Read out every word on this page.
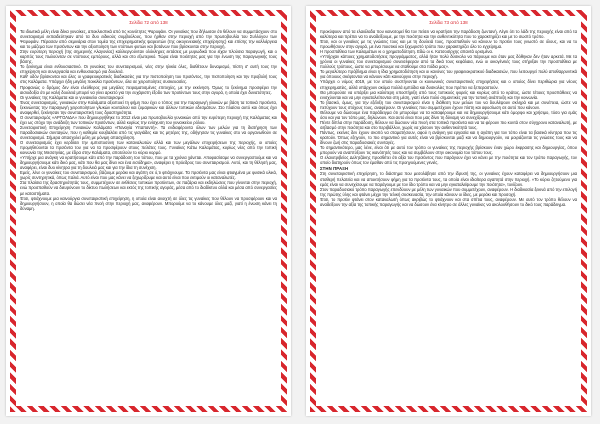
Σελίδα 72 από 138

Τα ιδιωτικά μέλη είναι δέκα γυναίκες, αποκλειστικά από τις κοινότητες Ψαροφάιν. Οι γυναίκες που δήλωσαν ότι θέλουν να συμμετάσχουν στο συνεταιρισμό εκπαιδεύτηκαν από τα δυο ειδικούς συμβούλους, που ήρθαν στην περιοχή από την πρωτοβουλία του Συλλόγου των Ψαροφάιν. Πέρασαν από σεμινάρια στον τομέα της επιχειρηματικής ψαρευτών (της οικογενειακής επιχείρησης) και επίσης την καλλιέργεια και το μάζεμα των προϊόντων και την αξιοποίηση των ντόπιων φυτών και βοτάνων που βρίσκονται στην περιοχή.

Στην ευρύτερη περιοχή (της σημερινής Αλαγονίας) καλλιεργούνταν ολόκληρες εκτάσεις με μυρωδικά που είχαν πλούσια παραγωγή, και ο καρπός τους πωλούνταν σε ντόπιους εμπόρους, αλλά και στο εξωτερικό. Τώρα είναι ποιότητες μας για την ένωση της παραγωγικής τους βάσης.

Το ξεκίνημα είναι ενθουσιαστικό. Οι γυναίκες του συνεταιρισμού, νέες στην ηλικία όλες, διαθέτουν δυναμισμό, πίστη σ' αυτή τους την επιχείρηση και συνεργασία και ενθουσιασμό για δουλειά.

Καθ' οδόν βρίσκονται και όλες οι γραφειοκρατικές διαδικασίες για την πιστοποίηση του προϊόντος, την πιστοποίηση και την προβολή τους στις Καλάματα. Υπάρχει ήδη μεγάλη ποικιλία προϊόντων, όλα σε χειροποίητες συσκευασίες.

Προφανώς ο δρόμος δεν είναι ελεύθερος για μεγάλες πειραματισμένες επιτυχίες, με την εκκίνηση. Όμως το ξεκίνημα προσφέρει την αισιοδοξία ότι με καλή δουλειά μπορεί να γίνει αρκετό για την ευχάριστη έξοδο των προϊόντων τους στην αγορά, η οποία έχει δυνατότητες.

Οι γυναίκες της Καλάματα και οι γυναικείοι συνεταιρισμοί

Ένας συνεταιρισμός, γυναικών στην Καλάματα αξιοποιεί τη φήμη που έχει ο τόπος για την παραγωγή γλυκών με βάση τα τοπικά προϊόντα, ξεκινώντας την παραγωγή χειροποίητων γλυκών κουταλιού και ζυμαρικών και άλλων τοπικών εδεσμάτων. Στο πλαίσιο αυτό και όπως έχει αναφερθεί, ξεκίνησαν την συνεταιριστική τους δραστηριότητα.

Ο συνεταιρισμός «ΑΡΓΟΛΙΔΑ» που δημιουργήθηκε το 2012 είναι μια πρωτοβουλία γυναικών από την ευρύτερη περιοχή της Καλάματας και έχει ως στόχο την ανάδειξη των τοπικών προϊόντων, αλλά κυρίως την ενίσχυση του γυναικείου ρόλου.

Συνεταιριστική Επιχείρηση Γυναικών Καλάματα «Παναγία Υπαπαντή». Τα ενδιαφέροντα όλων των μελών για τη διατήρηση των παραδοσιακών συνταγών, που η καθεμία κουβαλάει από τις γιαγιάδες και τις μητέρες της, οδήγησαν τις γυναίκες στο να οργανωθούν σε συνεταιρισμό. Σήμερα απασχολεί μέλη με μόνιμη απασχόληση.

Ο συνεταιρισμός έχει κερδίσει την εμπιστοσύνη των καταναλωτών αλλά και των μεγάλων επιχειρήσεων της περιοχής, οι οποίες προμηθεύονται τα προϊόντα του για να τα προσφέρουν στους πελάτες τους. Γυναίκες Κάτω Καλαμάτας, κυρίως νέες από την τοπική κοινωνία της Μεσσηνίας, με έδρα στην Καλάματα, αποτελούν το κύριο κορμό.

«Υπήρχε μια ανάγκη να κρατήσουμε κάτι από την παράδοση του τόπου, που με τα χρόνια χάνεται. Αποφασίσαμε να συνεργαστούμε και να δημιουργήσουμε κάτι δικό μας, κάτι που θα μας δίνει και ένα εισόδημα», αναφέρει η πρόεδρος του συνεταιρισμού. Αυτό, και τη θέλησή μας, αναφέρει, είναι δυο κίνητρα για τη δουλειά μας και για την ίδια τη συνέχιση.

Εμείς, λένε οι γυναίκες του συνεταιρισμού, βάζουμε μεράκι και αγάπη σε ό,τι φτιάχνουμε. Τα προϊόντα μας είναι φτιαγμένα με φυσικά υλικά, χωρίς συντηρητικά, όπως παλιά. Αυτό είναι που μας κάνει να ξεχωρίζουμε και αυτό είναι που εκτιμούν οι καταναλωτές.

Στα πλαίσια της δραστηριότητάς τους, συμμετέχουν σε εκθέσεις τοπικών προϊόντων, σε παζάρια και εκδηλώσεις που γίνονται στην περιοχή, ενώ προσπαθούν να διευρύνουν το δίκτυο πωλήσεων και εκτός της τοπικής αγοράς, μέσα από το διαδίκτυο αλλά και μέσα από συνεργασίες με καταστήματα.

Έτσι, φτιάχνουμε μια καινούργια συνεταιριστική επιχείρηση, η οποία είναι ανοιχτή σε όλες τις γυναίκες που θέλουν να προσφέρουν και να δημιουργήσουν, η οποία θα δώσει νέα πνοή στην περιοχή μας, αναφέρουν. Μπορούμε να το κάνουμε όλες μαζί, γιατί η ένωση κάνει τη δύναμη.

Σελίδα 73 από 138

προκύψουν από τα ελαιόλαδα που καινοτομεί θα τον πείσει να κρατήσει την παράδοση ζωντανή. Λέγει ότι το λάδι της περιοχής είναι από τα καλύτερα και πρέπει να το αναδείξουμε, με την ποιότητα και την αυθεντικότητα που το χαρακτηρίζει και με το σωστό τρόπο.

Έτσι, και οι γυναίκες με τις γνώσεις τους και με τη δουλειά τους, προσπαθούν να κάνουν το προϊόν τους γνωστό σε όλους, και να το προωθήσουν στην αγορά, με ένα ποιοτικό και ξεχωριστό τρόπο που χαρακτηρίζει όλο το εγχείρημα.

Η προσπάθεια των Καλαμάτων κι ο χρηματοδότηση. Εδώ οι κ. Κατσοσίρχης απαντά ορισμένα.

«Υπήρχαν κάποιες χρηματοδοτήσεις προγράμματος, αλλά ήταν πολύ δύσκολο να πάρουμε και όταν μας δόθηκαν δεν ήταν αρκετά. Με τα χρόνια οι γυναίκες του συνεταιρισμού συνεισέφεραν από τα δικά τους κεφάλαια, ενώ οι οικογένειές τους στήριξαν την προσπάθεια με πολλούς τρόπους, ώστε να μπορέσουμε να σταθούμε στα πόδια μας».

Το μεγαλύτερο πρόβλημα είναι η ίδια χρηματοδότηση και οι κανόνες του γραφειοκρατικού διαδικασιών, που λειτουργεί πολύ αποθαρρυντικά για όποιους σκέφτονται να κάνουν κάτι καινούργιο στην περιοχή.

Υπάρχει ο νόμος 4019, με τον οποίο συστήνονται οι κοινωνικές συνεταιριστικές επιχειρήσεις και ο οποίος δίνει περιθώρια για νέους επιχειρηματίες, αλλά υπάρχουν ακόμα πολλά εμπόδια και δυσκολίες που πρέπει να ξεπεραστούν.

Θα μπορούσε να υπάρξει μια καλύτερη υποστήριξη από τους τοπικούς φορείς και κυρίως από το κράτος, ώστε τέτοιες προσπάθειες να ενισχύονται και να μην εγκαταλείπονται στη μέση, γιατί είναι πολύ σημαντικές για την τοπική ανάπτυξη και την κοινωνία.

Το βασικό, όμως, για την εξέλιξη του συνεταιρισμού είναι η διάθεση των μελών του να δουλέψουν σκληρά και με συνέπεια, ώστε να πετύχουν τους στόχους τους, αναφέρουν. Οι γυναίκες που συμμετέχουν έχουν πίστη και αφοσίωση σε αυτό που κάνουν.

Θέλουμε να δώσουμε ένα παράδειγμα ότι μπορούμε να τα καταφέρουμε και να δημιουργήσουμε κάτι όμορφο και χρήσιμο, τόσο για εμάς όσο και για τον τόπο μας, δηλώνουν. Και αυτό είναι που μας δίνει τη δύναμη να συνεχίζουμε.

Πέντε δίπλα στην παράδοση, θέλουν να δώσουν νέα πνοή στα τοπικά προϊόντα και να τα φέρουν πιο κοντά στον σύγχρονο καταναλωτή, με σεβασμό στην ποιότητα και στο περιβάλλον, χωρίς να χάσουν την αυθεντικότητά τους.

Πάντως, εκείνες δεν έχουν σκοπό να σταματήσουν, αφού η ανάγκη για εργασία και η αγάπη για τον τόπο είναι τα βασικά κίνητρα που τις κρατούν. Όπως εξηγούν, το πιο σημαντικό για αυτές είναι να βρίσκονται μαζί και να δημιουργούν, να μοιράζονται τις γνώσεις τους και να δίνουν ζωή στις παραδοσιακές συνταγές.

Το σημαντικότερο, μας λένε, είναι ότι με αυτό τον τρόπο οι γυναίκες της περιοχής βρίσκουν έναν χώρο έκφρασης και δημιουργίας, όπου μπορούν να αναπτύξουν τις ικανότητές τους και να συμβάλουν στην οικονομία του τόπου τους.

Ο ελαιοτριβείος Δελητζάκης προσθέτει ότι αξία του προϊόντος που παράγουν έχει να κάνει με την ποιότητα και τον τρόπο παραγωγής, τον οποίο διατηρούν όπως τον έμαθαν από τις προηγούμενες γενιές.

ΣΤΗΝ ΠΡΑΞΗ

Στη συνεταιριστική επιχείρηση, το διάστημα που μεσολάβησε από την ίδρυσή της, οι γυναίκες έχουν καταφέρει να δημιουργήσουν μια σταθερή πελατεία και να αποκτήσουν φήμη για τα προϊόντα τους, τα οποία είναι ιδιαίτερα αγαπητά στην περιοχή. «Το κύριο ζητούμενο για εμάς είναι να συνεχίσουμε να παράγουμε με τον ίδιο τρόπο και να μην εγκαταλείψουμε την ποιότητα», τονίζουν.

Στον παραδοσιακό τρόπο παραγωγής επενδύουν με μέλη των γυναικών που συμμετέχουν, αναφέρουν. Η διαδικασία ξεκινά από την επιλογή της πρώτης ύλης και φτάνει μέχρι την τελική συσκευασία, την οποία κάνουν οι ίδιες, με μεράκι και προσοχή.

Έτσι, το προϊόν φτάνει στον καταναλωτή όπως ακριβώς το φτιάχνουν και στα σπίτια τους, αναφέρουν. Με αυτό τον τρόπο θέλουν να αναδείξουν την αξία της τοπικής παραγωγής και να δώσουν ένα κίνητρο σε άλλες γυναίκες να ακολουθήσουν το δικό τους παράδειγμα.
